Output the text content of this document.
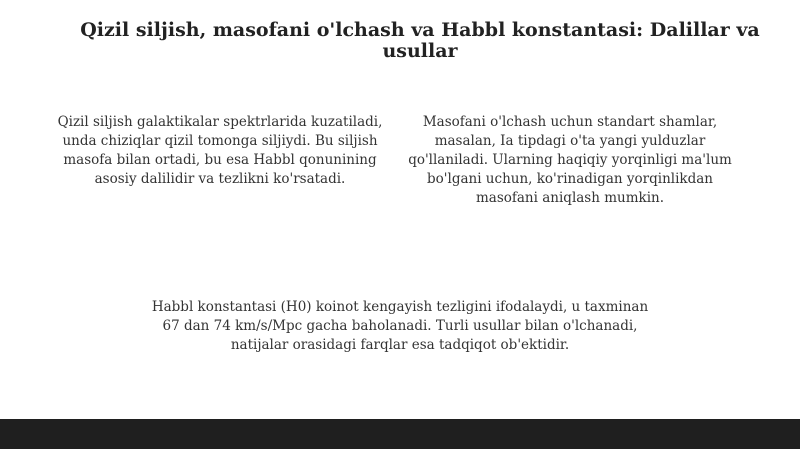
Qizil siljish, masofani o'lchash va Habbl konstantasi: Dalillar va usullar

Qizil siljish galaktikalar spektrlarida kuzatiladi, unda chiziqlar qizil tomonga siljiydi. Bu siljish masofa bilan ortadi, bu esa Habbl qonunining asosiy dalilidir va tezlikni ko'rsatadi.

Masofani o'lchash uchun standart shamlar, masalan, Ia tipdagi o'ta yangi yulduzlar qo'llaniladi. Ularning haqiqiy yorqinligi ma'lum bo'lgani uchun, ko'rinadigan yorqinlikdan masofani aniqlash mumkin.

Habbl konstantasi (H0) koinot kengayish tezligini ifodalaydi, u taxminan 67 dan 74 km/s/Mpc gacha baholanadi. Turli usullar bilan o'lchanadi, natijalar orasidagi farqlar esa tadqiqot ob'ektidir.
